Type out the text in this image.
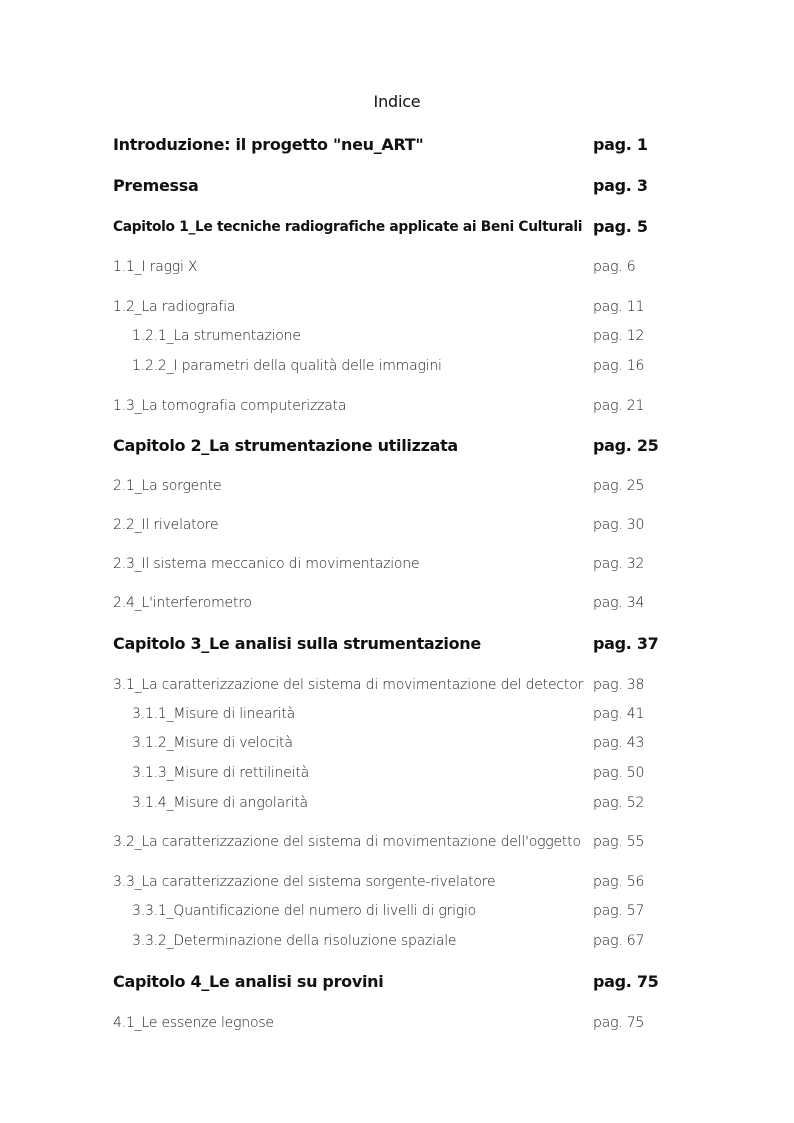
Indice
Introduzione: il progetto "neu_ART"	pag. 1
Premessa	pag. 3
Capitolo 1_Le tecniche radiografiche applicate ai Beni Culturali pag. 5
1.1_I raggi X	pag. 6
1.2_La radiografia	pag. 11
1.2.1_La strumentazione	pag. 12
1.2.2_I parametri della qualità delle immagini	pag. 16
1.3_La tomografia computerizzata	pag. 21
Capitolo 2_La strumentazione utilizzata	pag. 25
2.1_La sorgente	pag. 25
2.2_Il rivelatore	pag. 30
2.3_Il sistema meccanico di movimentazione	pag. 32
2.4_L'interferometro	pag. 34
Capitolo 3_Le analisi sulla strumentazione	pag. 37
3.1_La caratterizzazione del sistema di movimentazione del detector pag. 38
3.1.1_Misure di linearità	pag. 41
3.1.2_Misure di velocità	pag. 43
3.1.3_Misure di rettilineità	pag. 50
3.1.4_Misure di angolarità	pag. 52
3.2_La caratterizzazione del sistema di movimentazione dell'oggetto pag. 55
3.3_La caratterizzazione del sistema sorgente-rivelatore	pag. 56
3.3.1_Quantificazione del numero di livelli di grigio	pag. 57
3.3.2_Determinazione della risoluzione spaziale	pag. 67
Capitolo 4_Le analisi su provini	pag. 75
4.1_Le essenze legnose	pag. 75
